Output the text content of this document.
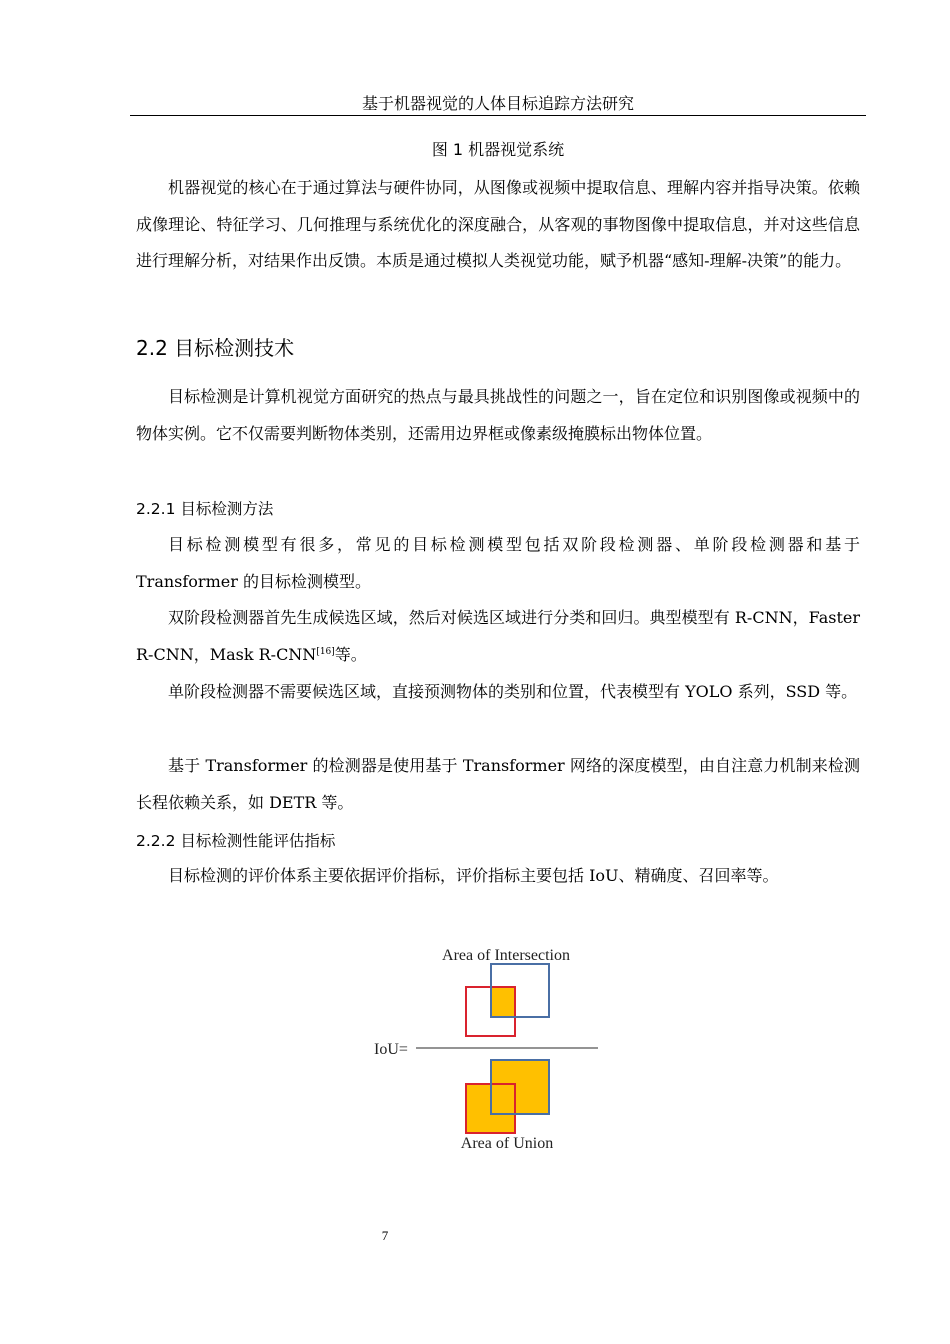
基于机器视觉的人体目标追踪方法研究
图 1 机器视觉系统

机器视觉的核心在于通过算法与硬件协同，从图像或视频中提取信息、理解内容并指导决策。依赖成像理论、特征学习、几何推理与系统优化的深度融合，从客观的事物图像中提取信息，并对这些信息进行理解分析，对结果作出反馈。本质是通过模拟人类视觉功能，赋予机器“感知-理解-决策”的能力。

2.2 目标检测技术

目标检测是计算机视觉方面研究的热点与最具挑战性的问题之一，旨在定位和识别图像或视频中的物体实例。它不仅需要判断物体类别，还需用边界框或像素级掩膜标出物体位置。

2.2.1 目标检测方法

目标检测模型有很多，常见的目标检测模型包括双阶段检测器、单阶段检测器和基于 Transformer 的目标检测模型。

双阶段检测器首先生成候选区域，然后对候选区域进行分类和回归。典型模型有 R-CNN，Faster R-CNN，Mask R-CNN[16]等。

单阶段检测器不需要候选区域，直接预测物体的类别和位置，代表模型有 YOLO 系列，SSD 等。

基于 Transformer 的检测器是使用基于 Transformer 网络的深度模型，由自注意力机制来检测长程依赖关系，如 DETR 等。

2.2.2 目标检测性能评估指标

目标检测的评价体系主要依据评价指标，评价指标主要包括 IoU、精确度、召回率等。

Area of Intersection
IoU=
Area of Union
7
